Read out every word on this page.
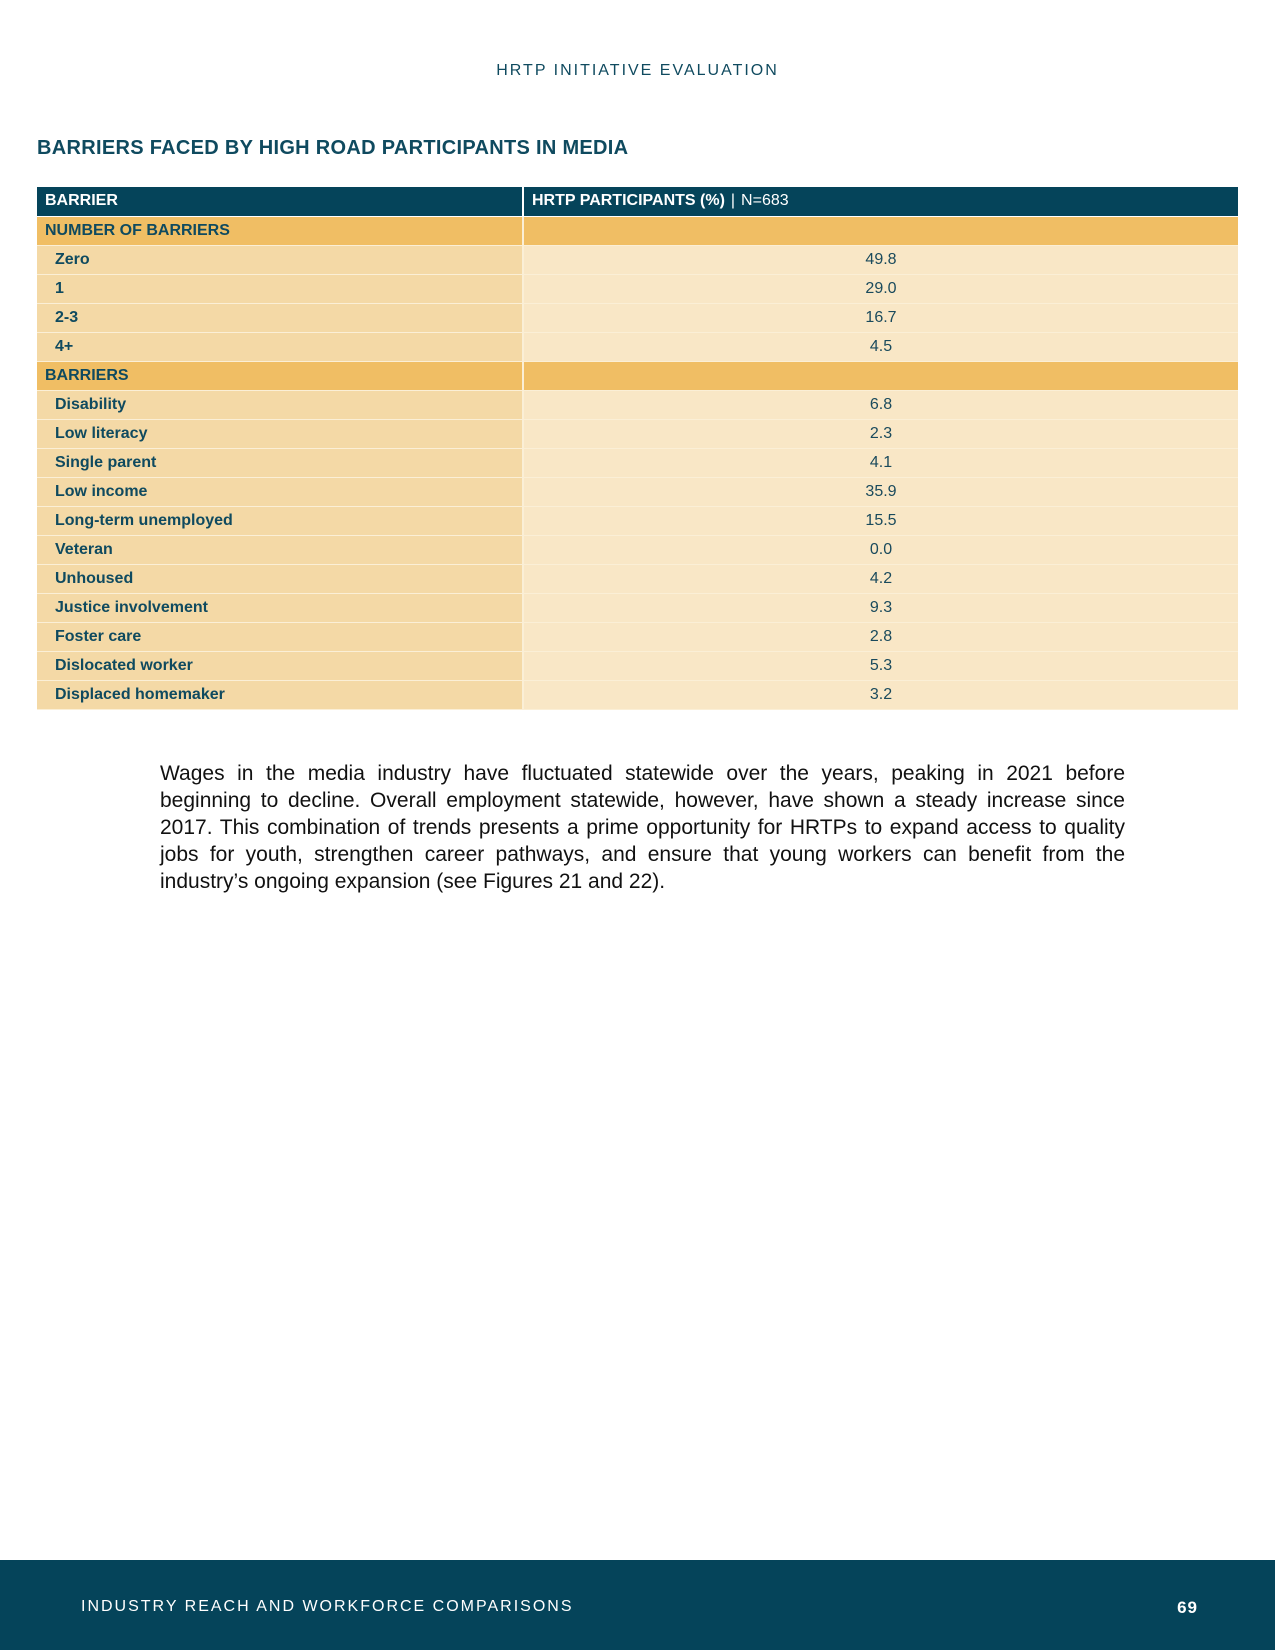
HRTP INITIATIVE EVALUATION
BARRIERS FACED BY HIGH ROAD PARTICIPANTS IN MEDIA
BARRIER	HRTP PARTICIPANTS (%) | N=683
NUMBER OF BARRIERS	
Zero	49.8
1	29.0
2-3	16.7
4+	4.5
BARRIERS	
Disability	6.8
Low literacy	2.3
Single parent	4.1
Low income	35.9
Long-term unemployed	15.5
Veteran	0.0
Unhoused	4.2
Justice involvement	9.3
Foster care	2.8
Dislocated worker	5.3
Displaced homemaker	3.2

Wages in the media industry have fluctuated statewide over the years, peaking in 2021 before beginning to decline. Overall employment statewide, however, have shown a steady increase since 2017. This combination of trends presents a prime opportunity for HRTPs to expand access to quality jobs for youth, strengthen career pathways, and ensure that young workers can benefit from the industry’s ongoing expansion (see Figures 21 and 22).

INDUSTRY REACH AND WORKFORCE COMPARISONS	69
